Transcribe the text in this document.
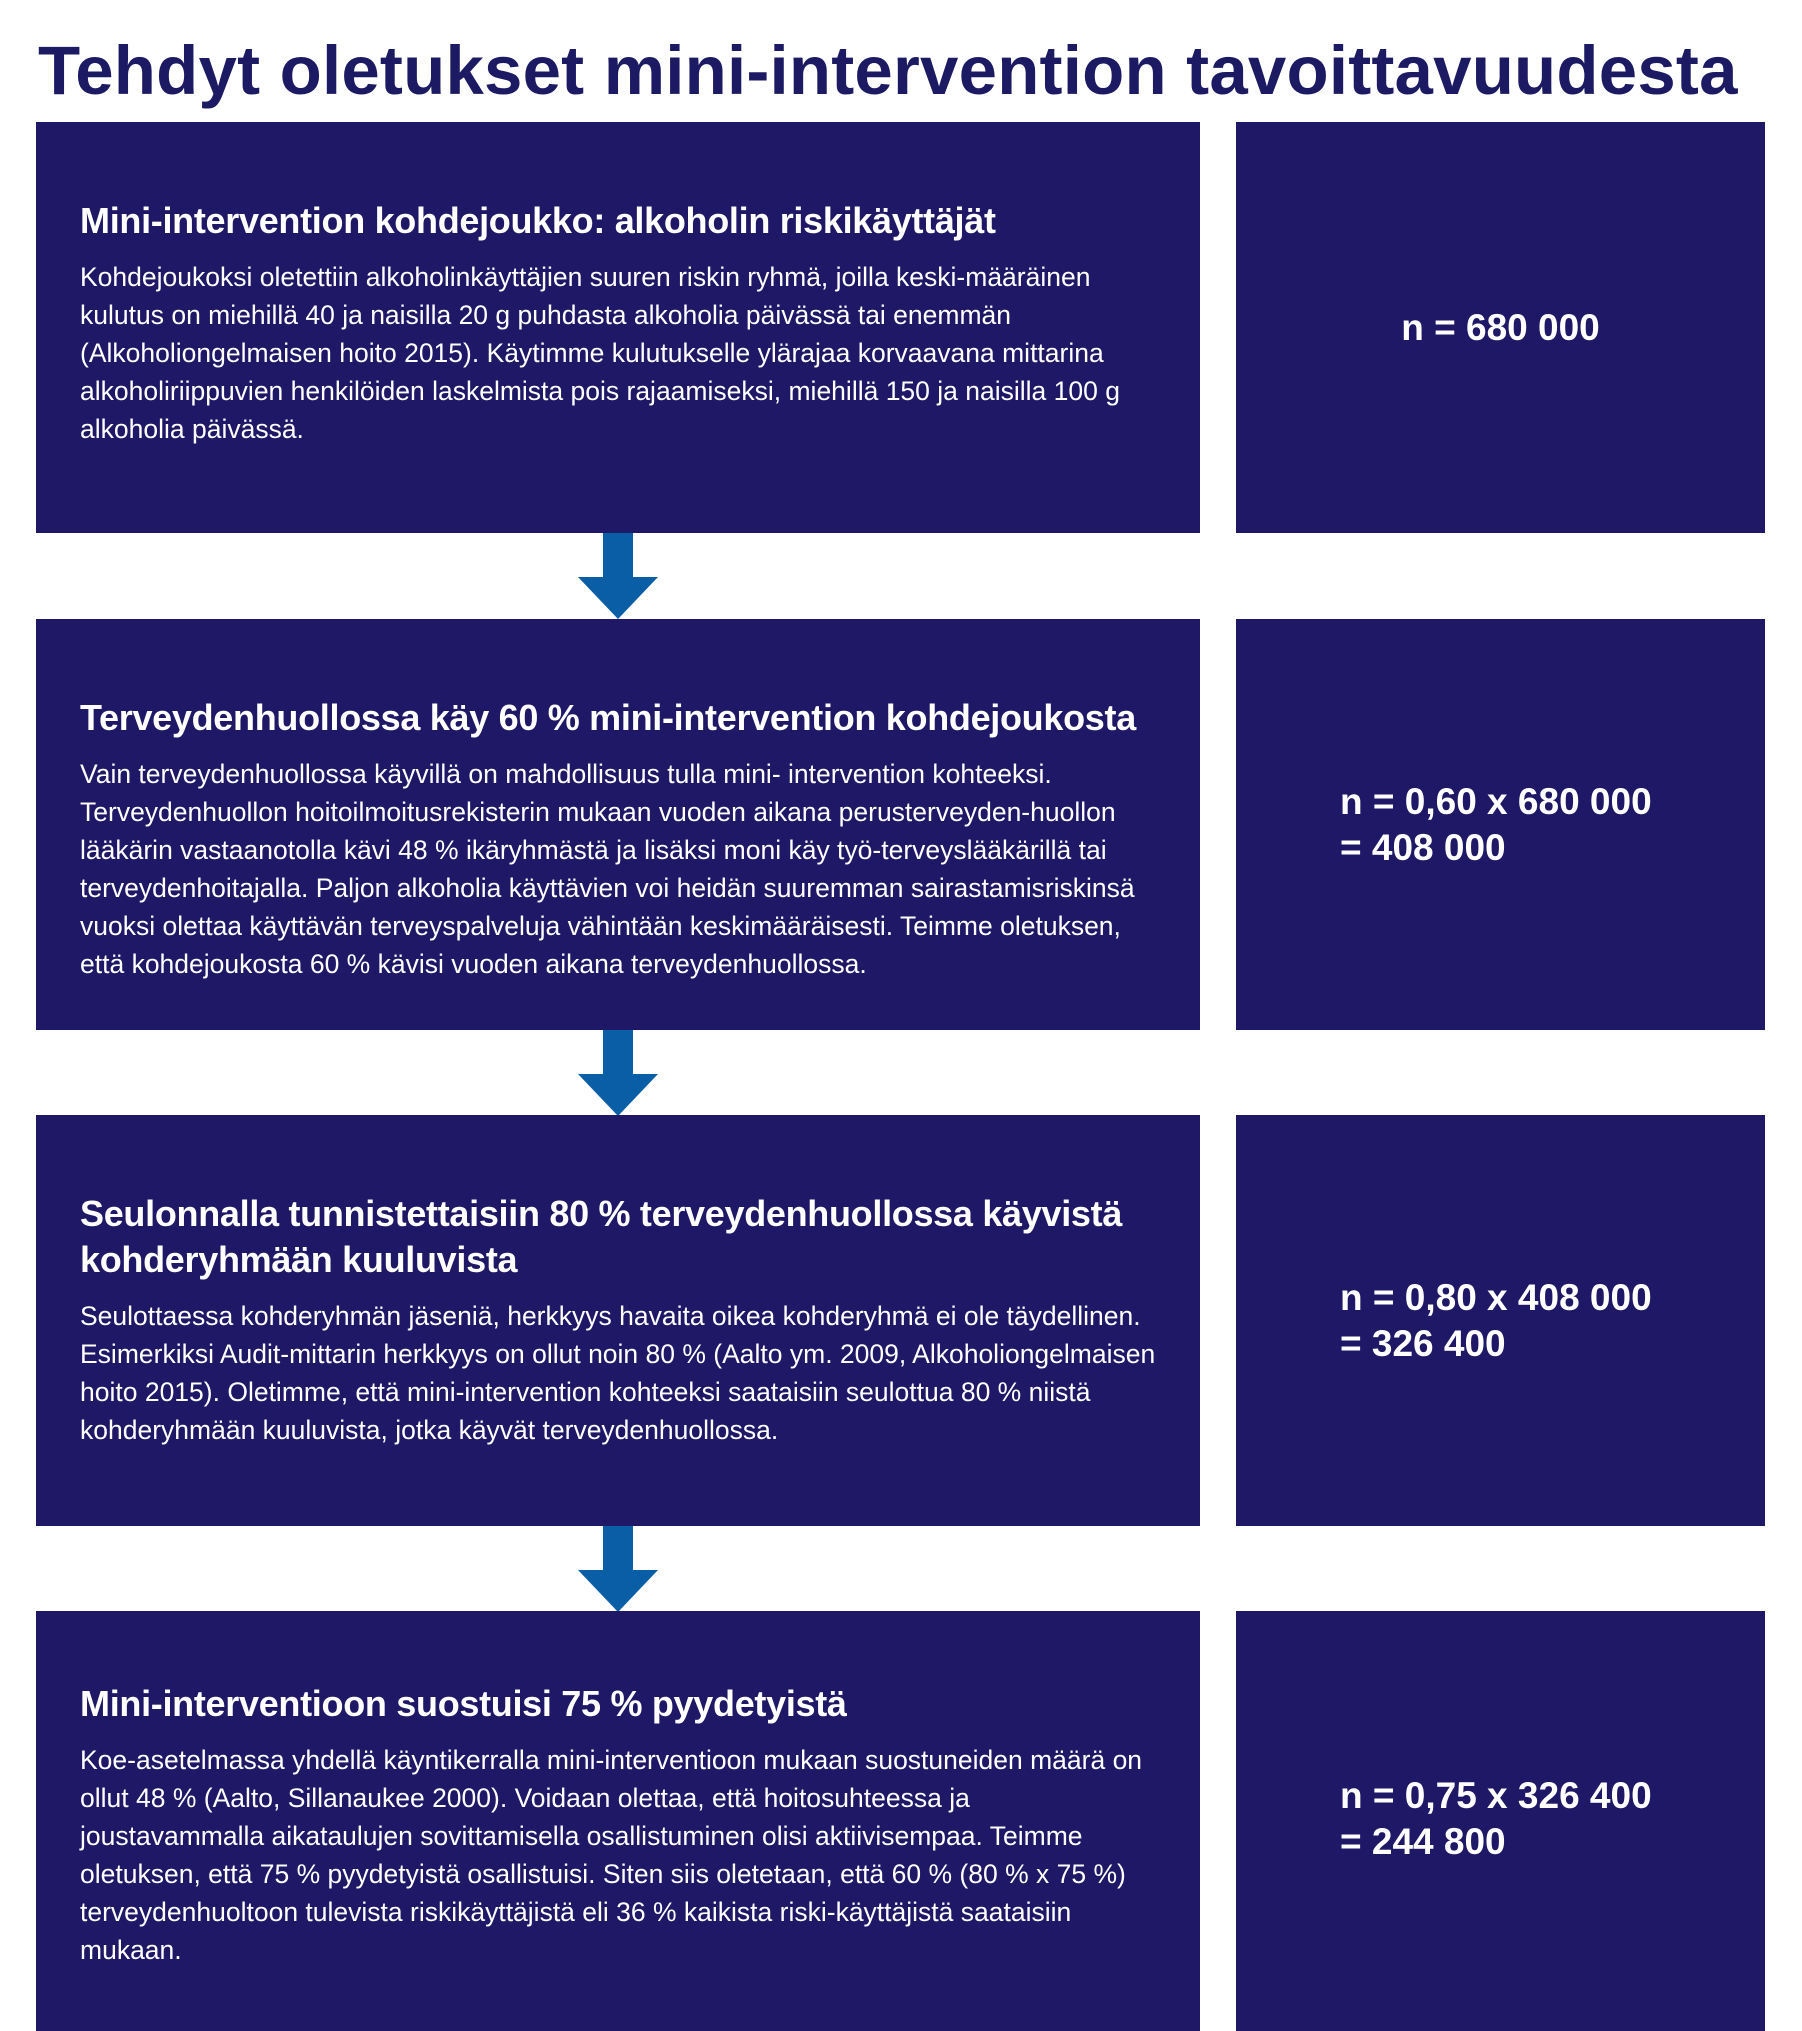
Tehdyt oletukset mini-intervention tavoittavuudesta
Mini-intervention kohdejoukko: alkoholin riskikäyttäjät

Kohdejoukoksi oletettiin alkoholinkäyttäjien suuren riskin ryhmä, joilla keski-määräinen kulutus on miehillä 40 ja naisilla 20 g puhdasta alkoholia päivässä tai enemmän (Alkoholiongelmaisen hoito 2015). Käytimme kulutukselle ylärajaa korvaavana mittarina alkoholiriippuvien henkilöiden laskelmista pois rajaamiseksi, miehillä 150 ja naisilla 100 g alkoholia päivässä.

n = 680 000

Terveydenhuollossa käy 60 % mini-intervention kohdejoukosta

Vain terveydenhuollossa käyvillä on mahdollisuus tulla mini- intervention kohteeksi. Terveydenhuollon hoitoilmoitusrekisterin mukaan vuoden aikana perusterveyden-huollon lääkärin vastaanotolla kävi 48 % ikäryhmästä ja lisäksi moni käy työ-terveyslääkärillä tai terveydenhoitajalla. Paljon alkoholia käyttävien voi heidän suuremman sairastamisriskinsä vuoksi olettaa käyttävän terveyspalveluja vähintään keskimääräisesti. Teimme oletuksen, että kohdejoukosta 60 % kävisi vuoden aikana terveydenhuollossa.

n = 0,60 x 680 000
= 408 000

Seulonnalla tunnistettaisiin 80 % terveydenhuollossa käyvistä kohderyhmään kuuluvista

Seulottaessa kohderyhmän jäseniä, herkkyys havaita oikea kohderyhmä ei ole täydellinen. Esimerkiksi Audit-mittarin herkkyys on ollut noin 80 % (Aalto ym. 2009, Alkoholiongelmaisen hoito 2015). Oletimme, että mini-intervention kohteeksi saataisiin seulottua 80 % niistä kohderyhmään kuuluvista, jotka käyvät terveydenhuollossa.

n = 0,80 x 408 000
= 326 400

Mini-interventioon suostuisi 75 % pyydetyistä

Koe-asetelmassa yhdellä käyntikerralla mini-interventioon mukaan suostuneiden määrä on ollut 48 % (Aalto, Sillanaukee 2000). Voidaan olettaa, että hoitosuhteessa ja joustavammalla aikataulujen sovittamisella osallistuminen olisi aktiivisempaa. Teimme oletuksen, että 75 % pyydetyistä osallistuisi. Siten siis oletetaan, että 60 % (80 % x 75 %) terveydenhuoltoon tulevista riskikäyttäjistä eli 36 % kaikista riski-käyttäjistä saataisiin mukaan.

n = 0,75 x 326 400
= 244 800
